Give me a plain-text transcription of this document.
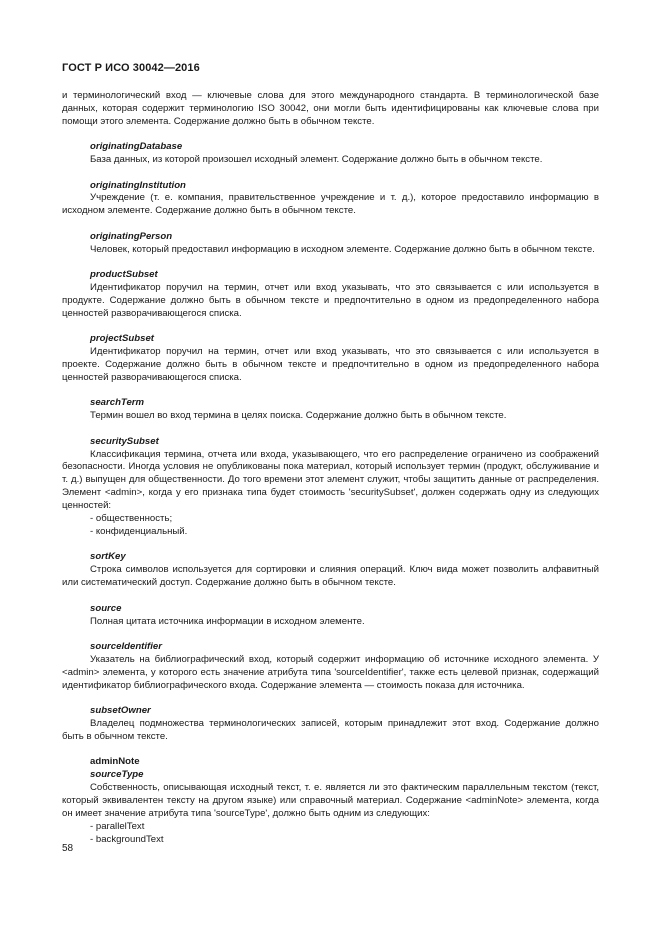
ГОСТ Р ИСО 30042—2016

и терминологический вход — ключевые слова для этого международного стандарта. В терминологической базе данных, которая содержит терминологию ISO 30042, они могли быть идентифицированы как ключевые слова при помощи этого элемента. Содержание должно быть в обычном тексте.

originatingDatabase

База данных, из которой произошел исходный элемент. Содержание должно быть в обычном тексте.

originatingInstitution

Учреждение (т. е. компания, правительственное учреждение и т. д.), которое предоставило информацию в исходном элементе. Содержание должно быть в обычном тексте.

originatingPerson

Человек, который предоставил информацию в исходном элементе. Содержание должно быть в обычном тексте.

productSubset

Идентификатор поручил на термин, отчет или вход указывать, что это связывается с или используется в продукте. Содержание должно быть в обычном тексте и предпочтительно в одном из предопределенного набора ценностей разворачивающегося списка.

projectSubset

Идентификатор поручил на термин, отчет или вход указывать, что это связывается с или используется в проекте. Содержание должно быть в обычном тексте и предпочтительно в одном из предопределенного набора ценностей разворачивающегося списка.

searchTerm

Термин вошел во вход термина в целях поиска. Содержание должно быть в обычном тексте.

securitySubset

Классификация термина, отчета или входа, указывающего, что его распределение ограничено из соображений безопасности. Иногда условия не опубликованы пока материал, который использует термин (продукт, обслуживание и т. д.) выпущен для общественности. До того времени этот элемент служит, чтобы защитить данные от распределения. Элемент <admin>, когда у его признака типа будет стоимость 'securitySubset', должен содержать одну из следующих ценностей:

- общественность;

- конфиденциальный.

sortKey

Строка символов используется для сортировки и слияния операций. Ключ вида может позволить алфавитный или систематический доступ. Содержание должно быть в обычном тексте.

source

Полная цитата источника информации в исходном элементе.

sourceIdentifier

Указатель на библиографический вход, который содержит информацию об источнике исходного элемента. У <admin> элемента, у которого есть значение атрибута типа 'sourceIdentifier', также есть целевой признак, содержащий идентификатор библиографического входа. Содержание элемента — стоимость показа для источника.

subsetOwner

Владелец подмножества терминологических записей, которым принадлежит этот вход. Содержание должно быть в обычном тексте.

adminNote

sourceType

Собственность, описывающая исходный текст, т. е. является ли это фактическим параллельным текстом (текст, который эквивалентен тексту на другом языке) или справочный материал. Содержание <adminNote> элемента, когда он имеет значение атрибута типа 'sourceType', должно быть одним из следующих:

- parallelText

- backgroundText

58
